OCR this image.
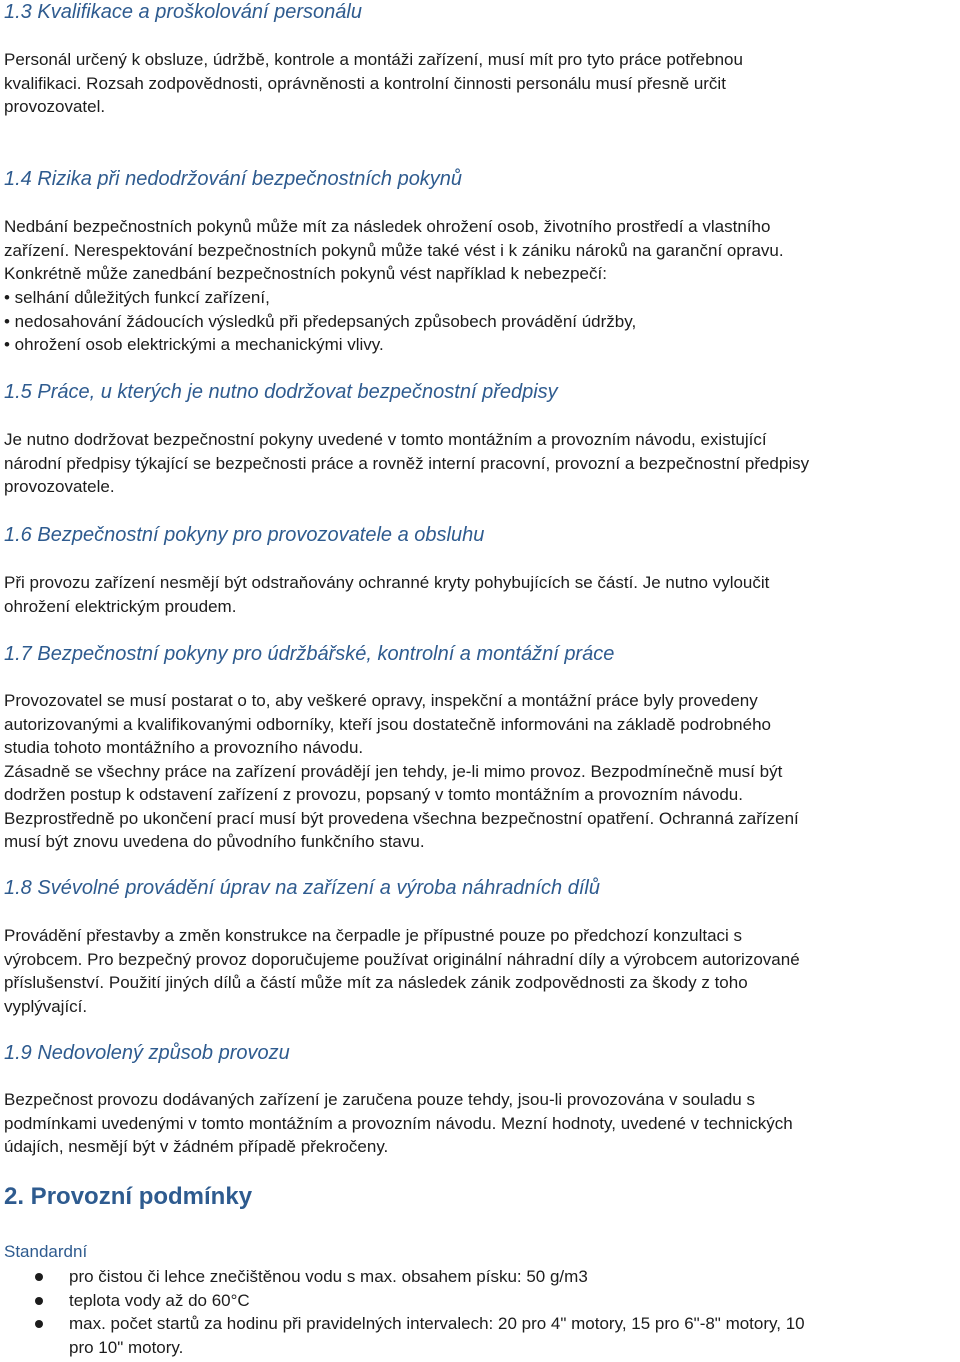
1.3 Kvalifikace a proškolování personálu
Personál určený k obsluze, údržbě, kontrole a montáži zařízení, musí mít pro tyto práce potřebnou
kvalifikaci. Rozsah zodpovědnosti, oprávněnosti a kontrolní činnosti personálu musí přesně určit
provozovatel.
1.4 Rizika při nedodržování bezpečnostních pokynů
Nedbání bezpečnostních pokynů může mít za následek ohrožení osob, životního prostředí a vlastního
zařízení. Nerespektování bezpečnostních pokynů může také vést i k zániku nároků na garanční opravu.
Konkrétně může zanedbání bezpečnostních pokynů vést například k nebezpečí:
• selhání důležitých funkcí zařízení,
• nedosahování žádoucích výsledků při předepsaných způsobech provádění údržby,
• ohrožení osob elektrickými a mechanickými vlivy.
1.5 Práce, u kterých je nutno dodržovat bezpečnostní předpisy
Je nutno dodržovat bezpečnostní pokyny uvedené v tomto montážním a provozním návodu, existující
národní předpisy týkající se bezpečnosti práce a rovněž interní pracovní, provozní a bezpečnostní předpisy
provozovatele.
1.6 Bezpečnostní pokyny pro provozovatele a obsluhu
Při provozu zařízení nesmějí být odstraňovány ochranné kryty pohybujících se částí. Je nutno vyloučit
ohrožení elektrickým proudem.
1.7 Bezpečnostní pokyny pro údržbářské, kontrolní a montážní práce
Provozovatel se musí postarat o to, aby veškeré opravy, inspekční a montážní práce byly provedeny
autorizovanými a kvalifikovanými odborníky, kteří jsou dostatečně informováni na základě podrobného
studia tohoto montážního a provozního návodu.
Zásadně se všechny práce na zařízení provádějí jen tehdy, je-li mimo provoz. Bezpodmínečně musí být
dodržen postup k odstavení zařízení z provozu, popsaný v tomto montážním a provozním návodu.
Bezprostředně po ukončení prací musí být provedena všechna bezpečnostní opatření. Ochranná zařízení
musí být znovu uvedena do původního funkčního stavu.
1.8 Svévolné provádění úprav na zařízení a výroba náhradních dílů
Provádění přestavby a změn konstrukce na čerpadle je přípustné pouze po předchozí konzultaci s
výrobcem. Pro bezpečný provoz doporučujeme používat originální náhradní díly a výrobcem autorizované
příslušenství. Použití jiných dílů a částí může mít za následek zánik zodpovědnosti za škody z toho
vyplývající.
1.9 Nedovolený způsob provozu
Bezpečnost provozu dodávaných zařízení je zaručena pouze tehdy, jsou-li provozována v souladu s
podmínkami uvedenými v tomto montážním a provozním návodu. Mezní hodnoty, uvedené v technických
údajích, nesmějí být v žádném případě překročeny.
2. Provozní podmínky
Standardní
pro čistou či lehce znečištěnou vodu s max. obsahem písku: 50 g/m3
teplota vody až do 60°C
max. počet startů za hodinu při pravidelných intervalech: 20 pro 4" motory, 15 pro 6"-8" motory, 10
pro 10" motory.
